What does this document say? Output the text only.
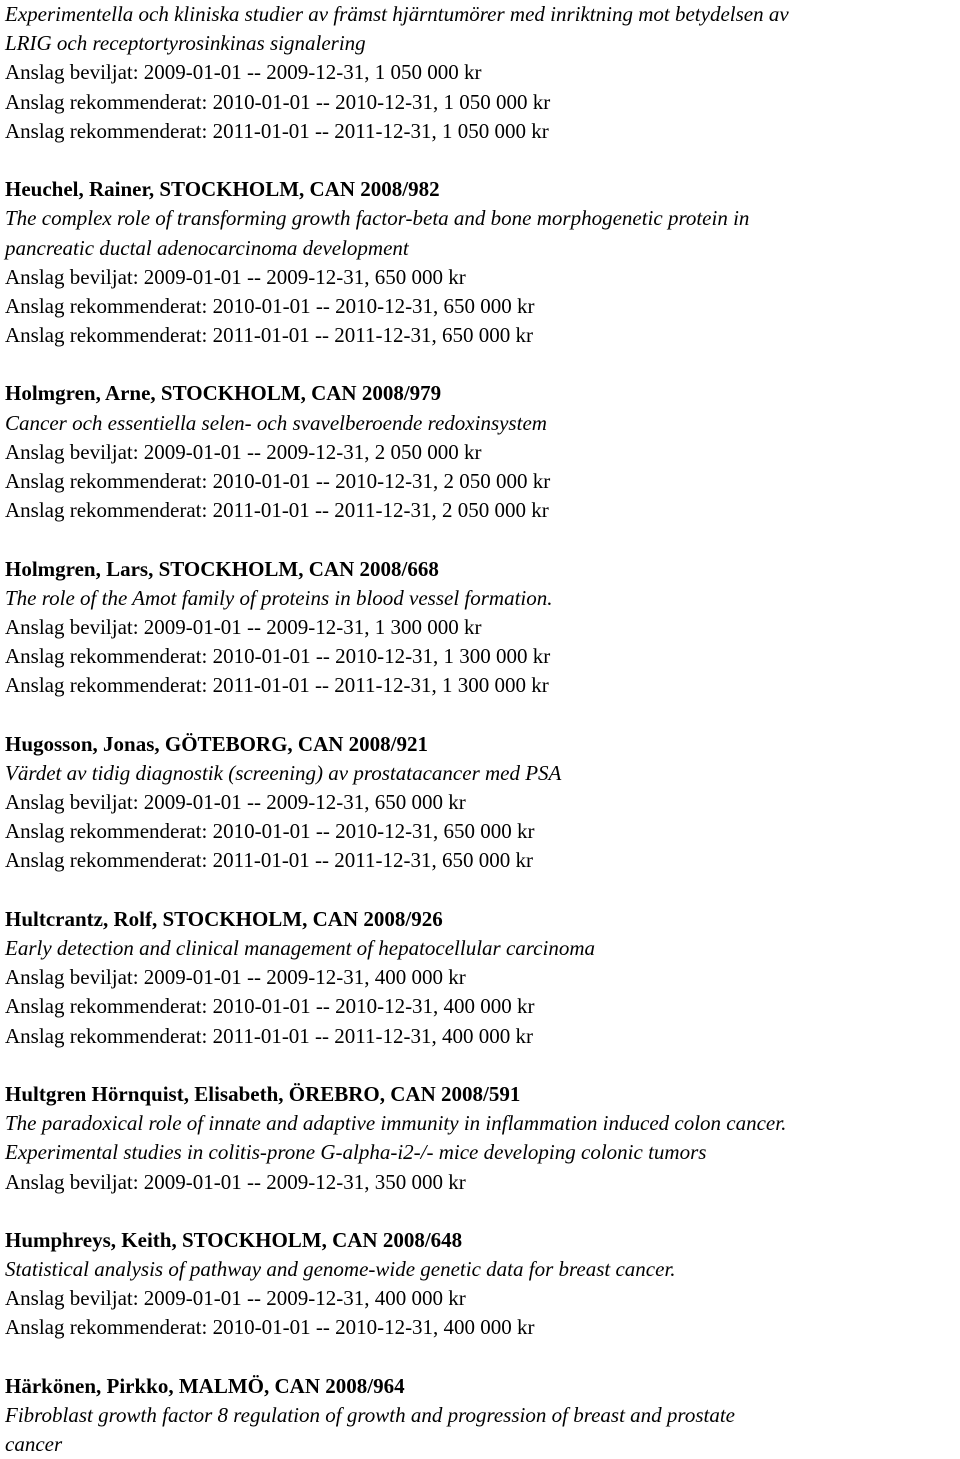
Experimentella och kliniska studier av främst hjärntumörer med inriktning mot betydelsen av
LRIG och receptortyrosinkinas signalering
Anslag beviljat: 2009-01-01 -- 2009-12-31, 1 050 000 kr
Anslag rekommenderat: 2010-01-01 -- 2010-12-31, 1 050 000 kr
Anslag rekommenderat: 2011-01-01 -- 2011-12-31, 1 050 000 kr
Heuchel, Rainer, STOCKHOLM, CAN 2008/982
The complex role of transforming growth factor-beta and bone morphogenetic protein in
pancreatic ductal adenocarcinoma development
Anslag beviljat: 2009-01-01 -- 2009-12-31, 650 000 kr
Anslag rekommenderat: 2010-01-01 -- 2010-12-31, 650 000 kr
Anslag rekommenderat: 2011-01-01 -- 2011-12-31, 650 000 kr
Holmgren, Arne, STOCKHOLM, CAN 2008/979
Cancer och essentiella selen- och svavelberoende redoxinsystem
Anslag beviljat: 2009-01-01 -- 2009-12-31, 2 050 000 kr
Anslag rekommenderat: 2010-01-01 -- 2010-12-31, 2 050 000 kr
Anslag rekommenderat: 2011-01-01 -- 2011-12-31, 2 050 000 kr
Holmgren, Lars, STOCKHOLM, CAN 2008/668
The role of the Amot family of proteins in blood vessel formation.
Anslag beviljat: 2009-01-01 -- 2009-12-31, 1 300 000 kr
Anslag rekommenderat: 2010-01-01 -- 2010-12-31, 1 300 000 kr
Anslag rekommenderat: 2011-01-01 -- 2011-12-31, 1 300 000 kr
Hugosson, Jonas, GÖTEBORG, CAN 2008/921
Värdet av tidig diagnostik (screening) av prostatacancer med PSA
Anslag beviljat: 2009-01-01 -- 2009-12-31, 650 000 kr
Anslag rekommenderat: 2010-01-01 -- 2010-12-31, 650 000 kr
Anslag rekommenderat: 2011-01-01 -- 2011-12-31, 650 000 kr
Hultcrantz, Rolf, STOCKHOLM, CAN 2008/926
Early detection and clinical management of hepatocellular carcinoma
Anslag beviljat: 2009-01-01 -- 2009-12-31, 400 000 kr
Anslag rekommenderat: 2010-01-01 -- 2010-12-31, 400 000 kr
Anslag rekommenderat: 2011-01-01 -- 2011-12-31, 400 000 kr
Hultgren Hörnquist, Elisabeth, ÖREBRO, CAN 2008/591
The paradoxical role of innate and adaptive immunity in inflammation induced colon cancer.
Experimental studies in colitis-prone G-alpha-i2-/- mice developing colonic tumors
Anslag beviljat: 2009-01-01 -- 2009-12-31, 350 000 kr
Humphreys, Keith, STOCKHOLM, CAN 2008/648
Statistical analysis of pathway and genome-wide genetic data for breast cancer.
Anslag beviljat: 2009-01-01 -- 2009-12-31, 400 000 kr
Anslag rekommenderat: 2010-01-01 -- 2010-12-31, 400 000 kr
Härkönen, Pirkko, MALMÖ, CAN 2008/964
Fibroblast growth factor 8 regulation of growth and progression of breast and prostate
cancer
